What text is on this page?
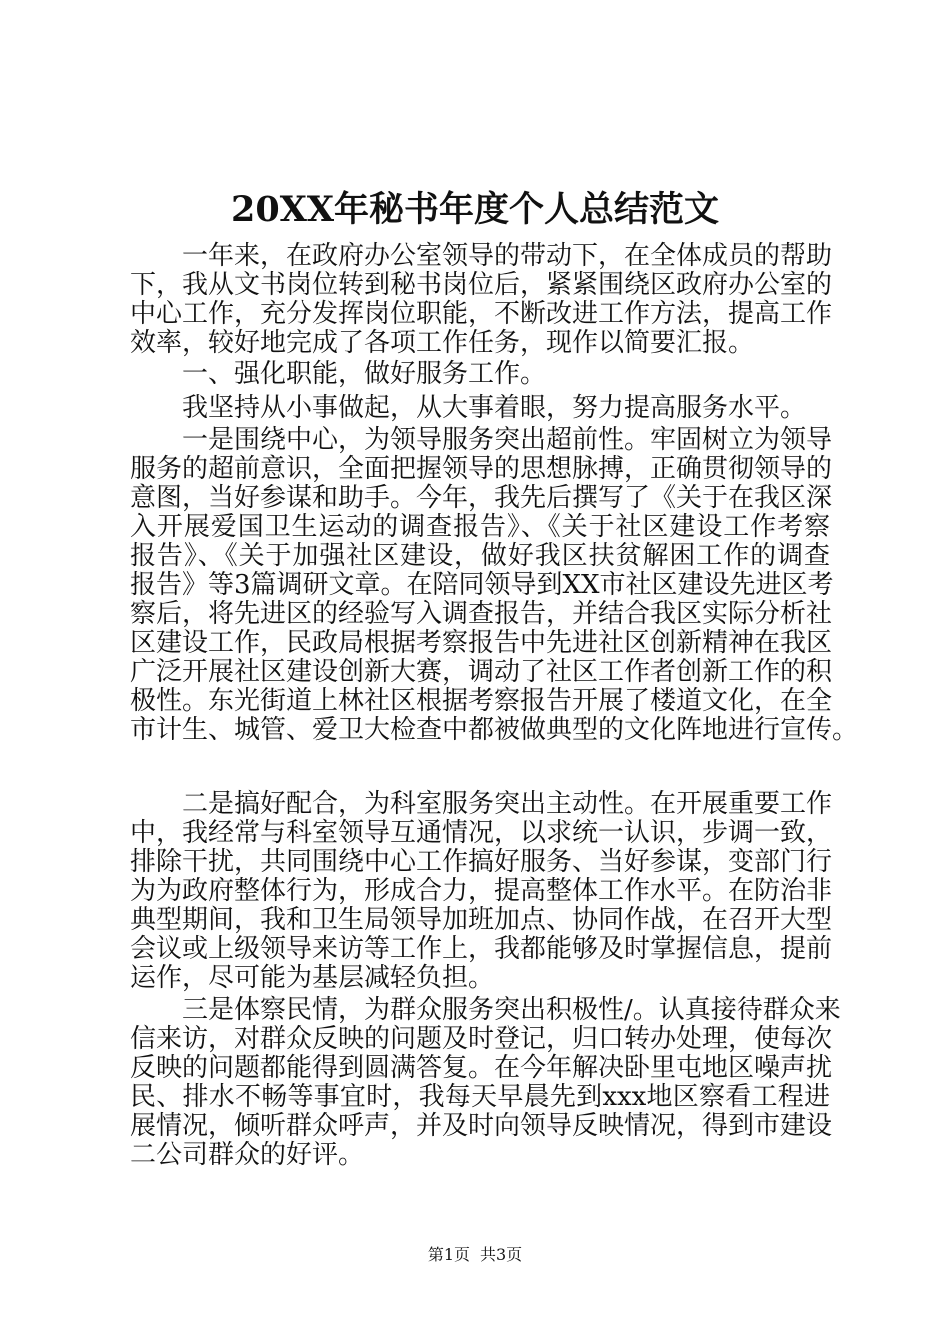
20XX年秘书年度个人总结范文
一年来，在政府办公室领导的带动下，在全体成员的帮助
下，我从文书岗位转到秘书岗位后，紧紧围绕区政府办公室的
中心工作，充分发挥岗位职能，不断改进工作方法，提高工作
效率，较好地完成了各项工作任务，现作以简要汇报。
一、强化职能，做好服务工作。
我坚持从小事做起，从大事着眼，努力提高服务水平。
一是围绕中心，为领导服务突出超前性。牢固树立为领导
服务的超前意识，全面把握领导的思想脉搏，正确贯彻领导的
意图，当好参谋和助手。今年，我先后撰写了《关于在我区深
入开展爱国卫生运动的调查报告》、《关于社区建设工作考察
报告》、《关于加强社区建设，做好我区扶贫解困工作的调查
报告》等3篇调研文章。在陪同领导到XX市社区建设先进区考
察后，将先进区的经验写入调查报告，并结合我区实际分析社
区建设工作，民政局根据考察报告中先进社区创新精神在我区
广泛开展社区建设创新大赛，调动了社区工作者创新工作的积
极性。东光街道上林社区根据考察报告开展了楼道文化，在全
市计生、城管、爱卫大检查中都被做典型的文化阵地进行宣传。
二是搞好配合，为科室服务突出主动性。在开展重要工作
中，我经常与科室领导互通情况，以求统一认识，步调一致，
排除干扰，共同围绕中心工作搞好服务、当好参谋，变部门行
为为政府整体行为，形成合力，提高整体工作水平。在防治非
典型期间，我和卫生局领导加班加点、协同作战，在召开大型
会议或上级领导来访等工作上，我都能够及时掌握信息，提前
运作，尽可能为基层减轻负担。
三是体察民情，为群众服务突出积极性/。认真接待群众来
信来访，对群众反映的问题及时登记，归口转办处理，使每次
反映的问题都能得到圆满答复。在今年解决卧里屯地区噪声扰
民、排水不畅等事宜时，我每天早晨先到xxx地区察看工程进
展情况，倾听群众呼声，并及时向领导反映情况，得到市建设
二公司群众的好评。
第1页 共3页
